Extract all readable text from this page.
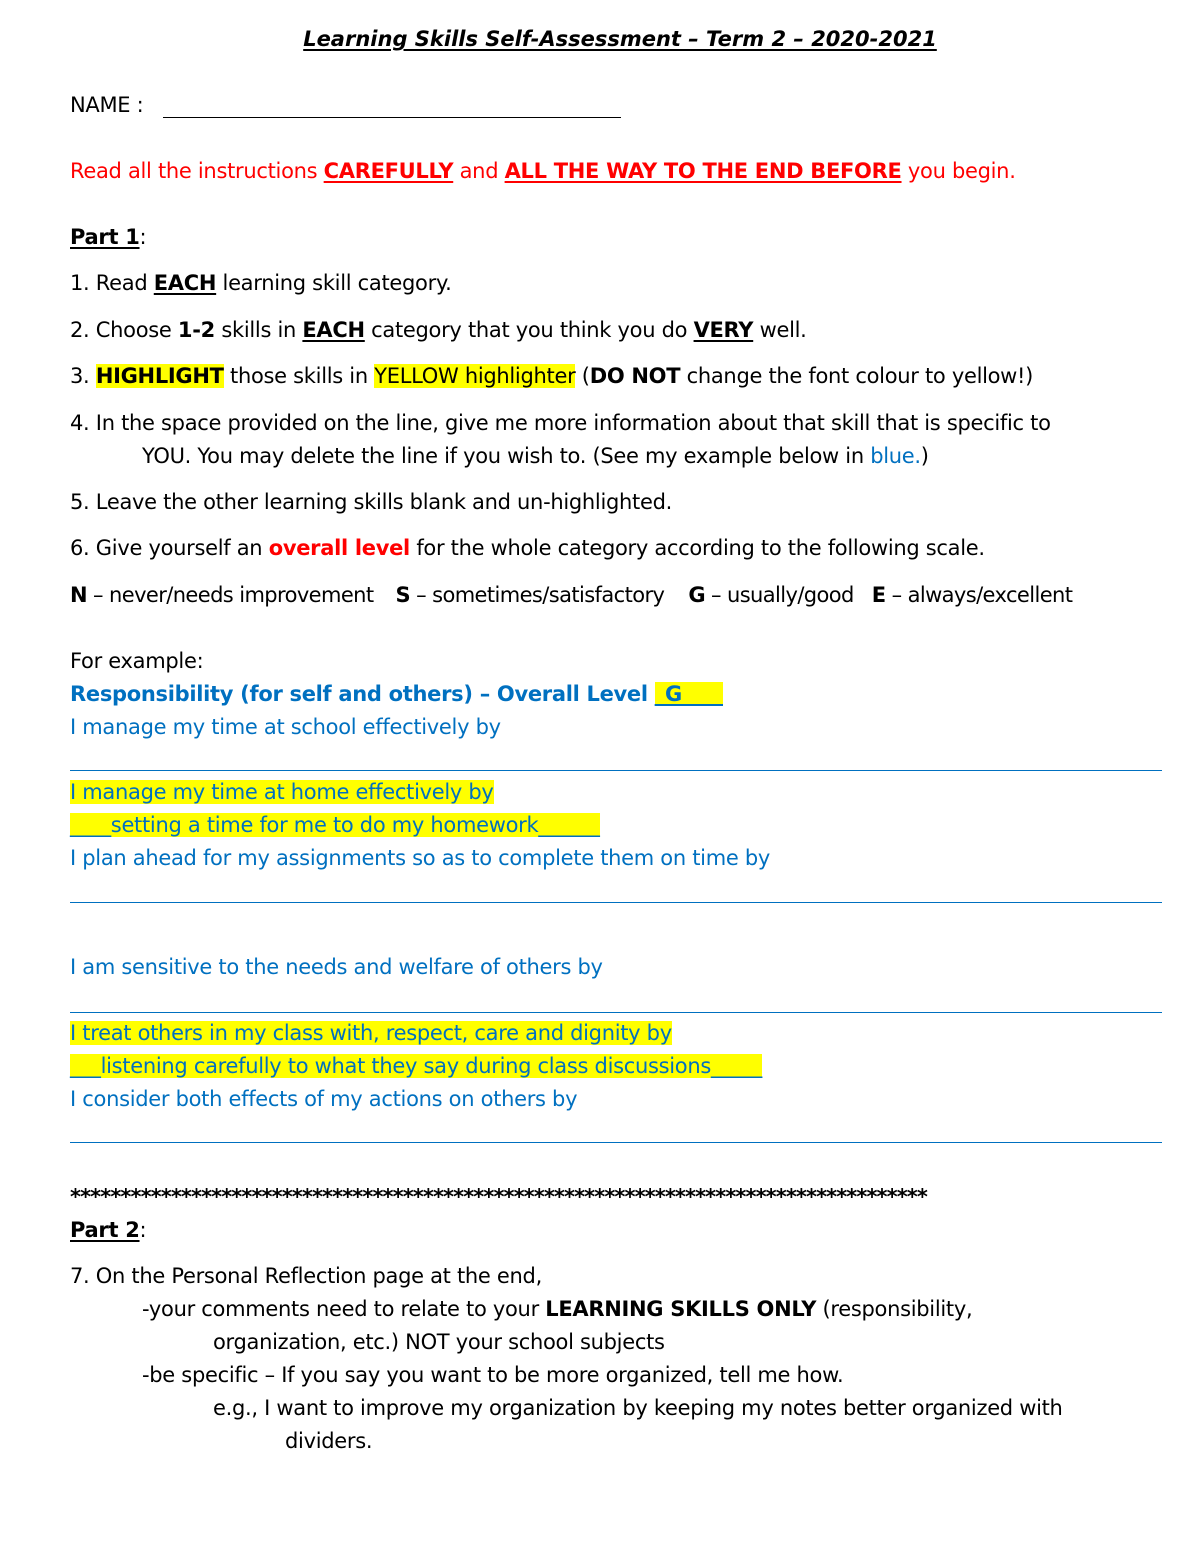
Learning Skills Self-Assessment – Term 2 – 2020-2021
NAME :
Read all the instructions CAREFULLY and ALL THE WAY TO THE END BEFORE you begin.
Part 1:
1. Read EACH learning skill category.
2. Choose 1-2 skills in EACH category that you think you do VERY well.
3. HIGHLIGHT those skills in YELLOW highlighter (DO NOT change the font colour to yellow!)
4. In the space provided on the line, give me more information about that skill that is specific to
YOU. You may delete the line if you wish to. (See my example below in blue.)
5. Leave the other learning skills blank and un-highlighted.
6. Give yourself an overall level for the whole category according to the following scale.
N – never/needs improvement S – sometimes/satisfactory G – usually/good E – always/excellent
For example:
Responsibility (for self and others) – Overall Level _G____
I manage my time at school effectively by
I manage my time at home effectively by
____setting a time for me to do my homework______
I plan ahead for my assignments so as to complete them on time by
I am sensitive to the needs and welfare of others by
I treat others in my class with, respect, care and dignity by
___listening carefully to what they say during class discussions_____
I consider both effects of my actions on others by
*************************************************************************************
Part 2:
7. On the Personal Reflection page at the end,
-your comments need to relate to your LEARNING SKILLS ONLY (responsibility,
organization, etc.) NOT your school subjects
-be specific – If you say you want to be more organized, tell me how.
e.g., I want to improve my organization by keeping my notes better organized with
dividers.
